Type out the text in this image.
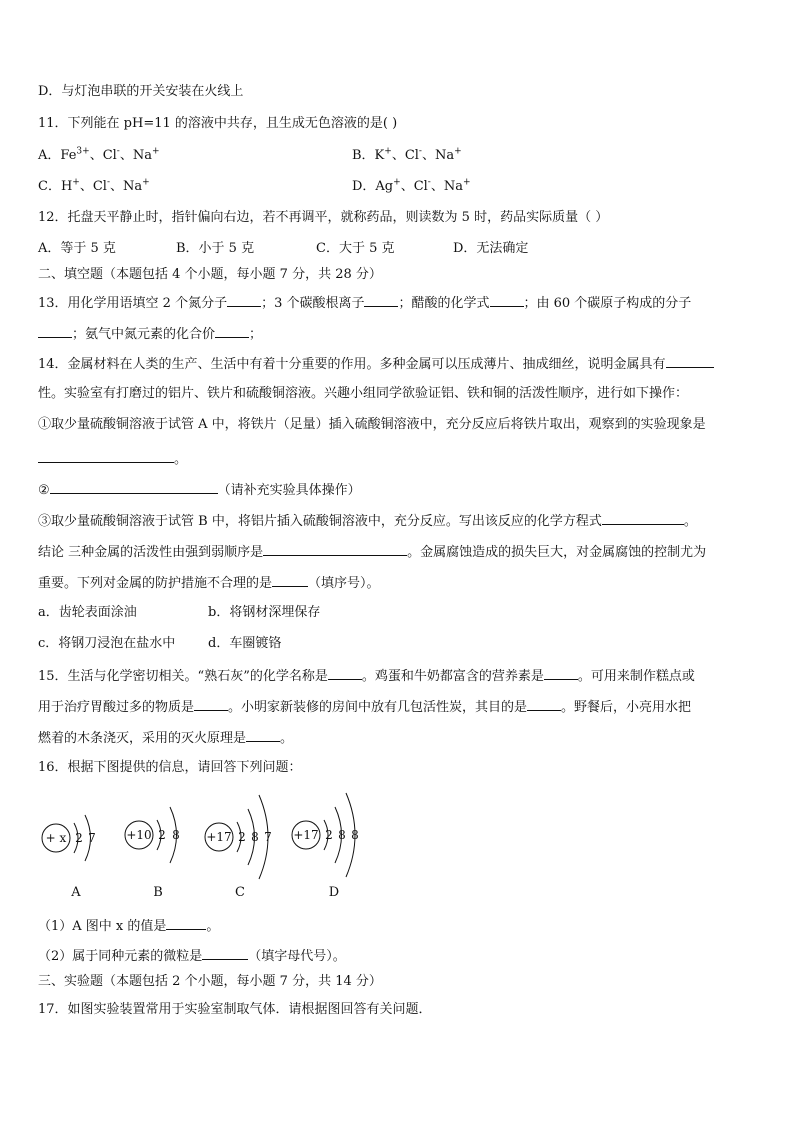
D．与灯泡串联的开关安装在火线上
11．下列能在 pH=11 的溶液中共存，且生成无色溶液的是( )
A．$Fe^{3+}$、Cl-、Na+	B．K+、Cl-、Na+
C．H+、Cl-、Na+	D．Ag+、Cl-、Na+
12．托盘天平静止时，指针偏向右边，若不再调平，就称药品，则读数为 5 时，药品实际质量（ ）
A．等于 5 克	B．小于 5 克	C．大于 5 克	D．无法确定
二、填空题（本题包括 4 个小题，每小题 7 分，共 28 分）
13．用化学用语填空 2 个氮分子	；3 个碳酸根离子	；醋酸的化学式	；由 60 个碳原子构成的分子
；氨气中氮元素的化合价	；
14．金属材料在人类的生产、生活中有着十分重要的作用。多种金属可以压成薄片、抽成细丝，说明金属具有
性。实验室有打磨过的铝片、铁片和硫酸铜溶液。兴趣小组同学欲验证铝、铁和铜的活泼性顺序，进行如下操作：
①取少量硫酸铜溶液于试管 A 中，将铁片（足量）插入硫酸铜溶液中，充分反应后将铁片取出，观察到的实验现象是
。
②	（请补充实验具体操作）
③取少量硫酸铜溶液于试管 B 中，将铝片插入硫酸铜溶液中，充分反应。写出该反应的化学方程式	。
结论 三种金属的活泼性由强到弱顺序是	。金属腐蚀造成的损失巨大，对金属腐蚀的控制尤为
重要。下列对金属的防护措施不合理的是	（填序号）。
a．齿轮表面涂油	b．将钢材深埋保存
c．将钢刀浸泡在盐水中	d．车圈镀铬
15．生活与化学密切相关。“熟石灰”的化学名称是	。鸡蛋和牛奶都富含的营养素是	。可用来制作糕点或
用于治疗胃酸过多的物质是	。小明家新装修的房间中放有几包活性炭，其目的是	。野餐后，小亮用水把
燃着的木条浇灭，采用的灭火原理是	。
16．根据下图提供的信息，请回答下列问题：
+ x 2 7	+10 2 8 +17 2 8 7 +17 2 8 8
A	B	C	D
（1）A 图中 x 的值是	。
（2）属于同种元素的微粒是	（填字母代号）。
三、实验题（本题包括 2 个小题，每小题 7 分，共 14 分）
17．如图实验装置常用于实验室制取气体．请根据图回答有关问题．
